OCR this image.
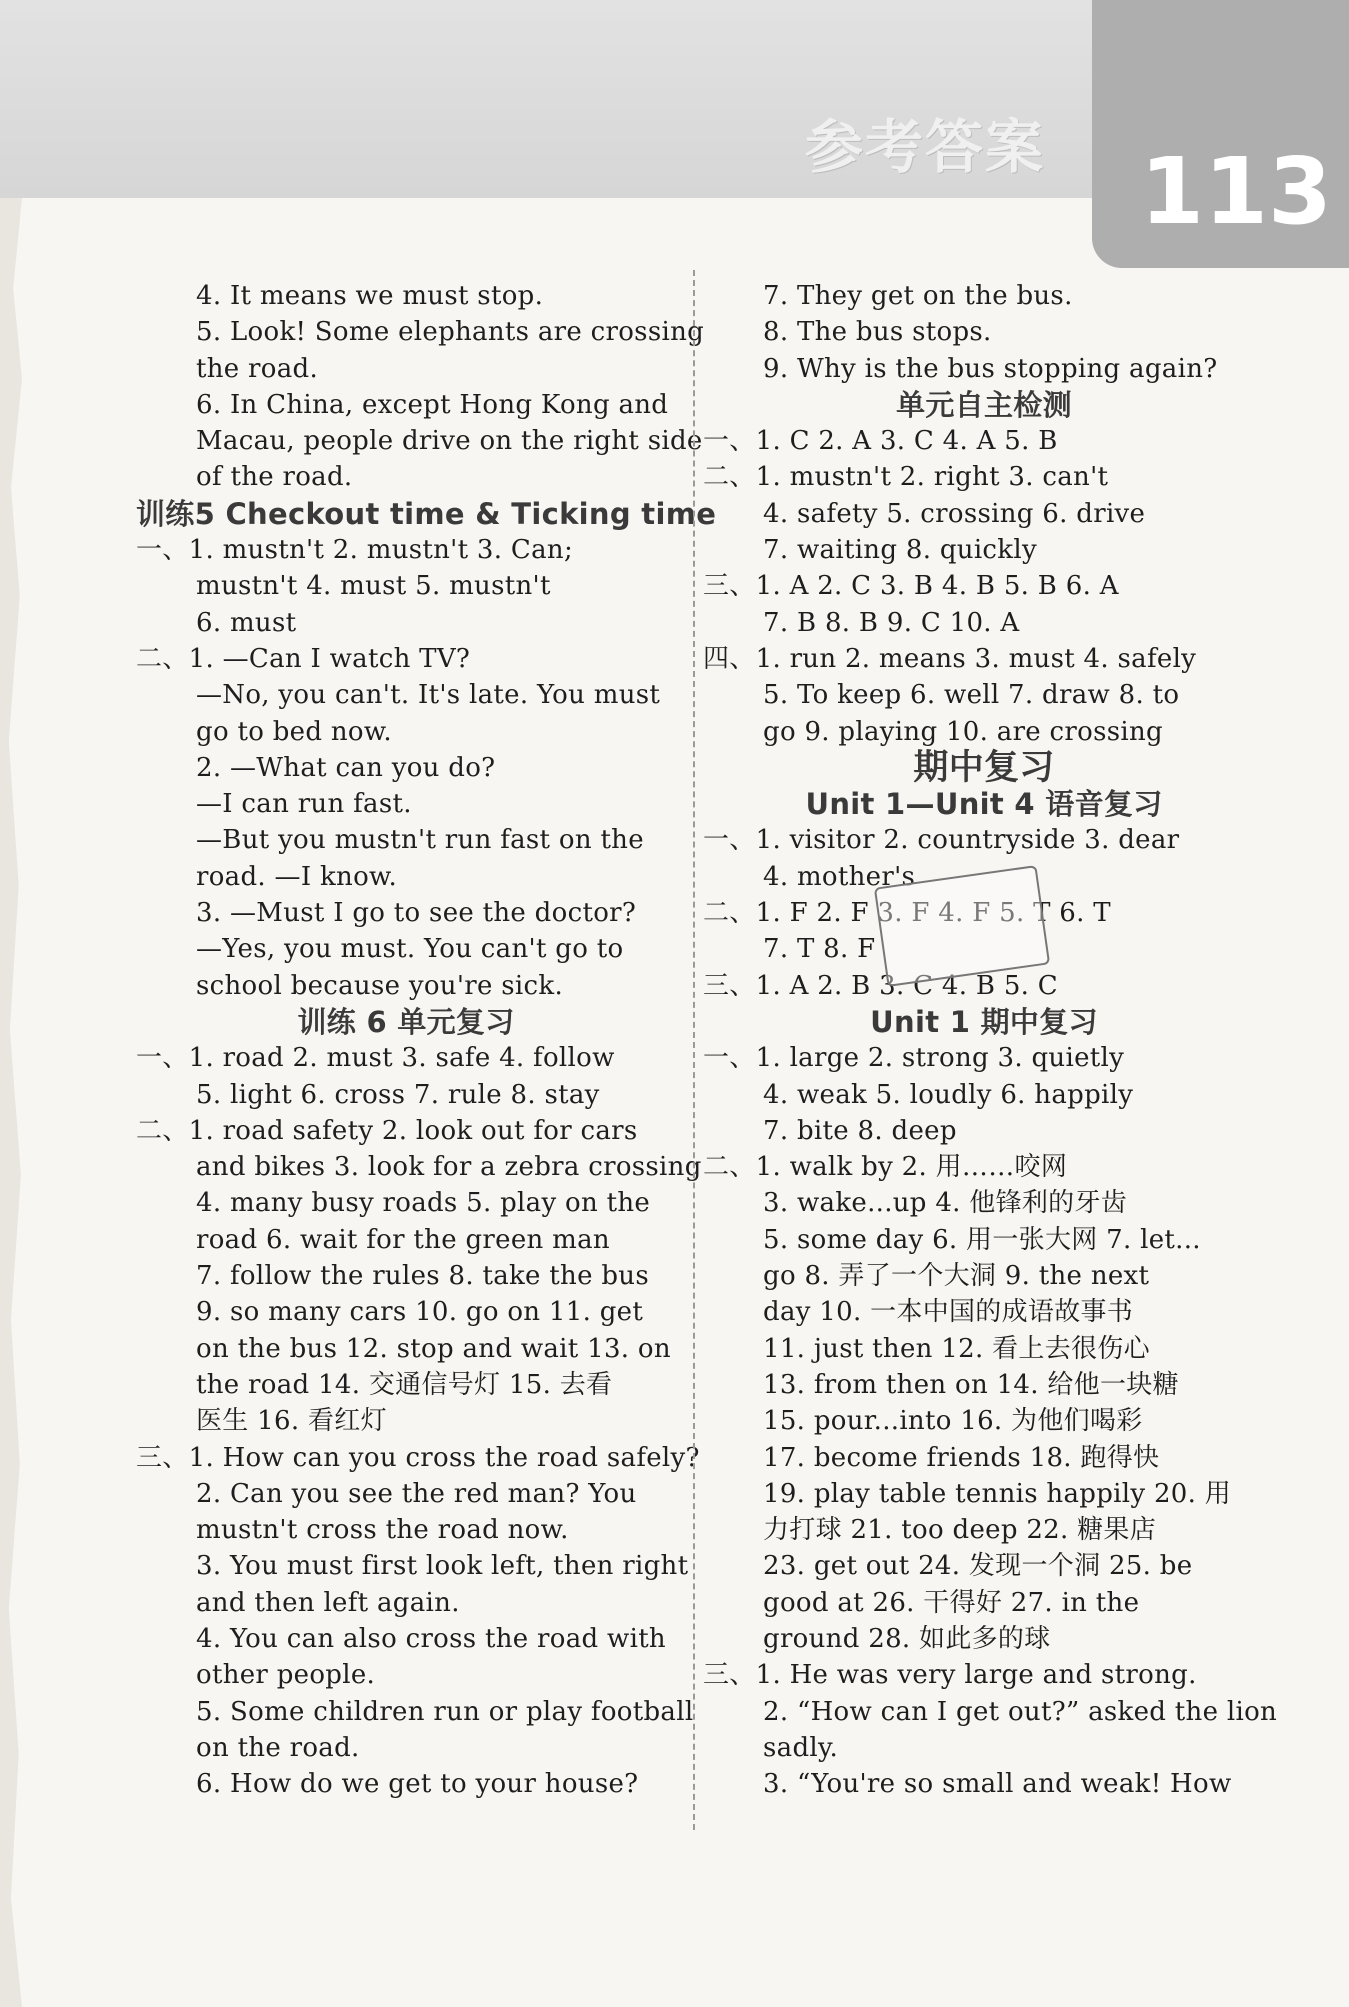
参考答案 113
4. It means we must stop.
5. Look! Some elephants are crossing
the road.
6. In China, except Hong Kong and
Macau, people drive on the right side
of the road.
训练5 Checkout time & Ticking time
一、1. mustn't 2. mustn't 3. Can;
mustn't 4. must 5. mustn't
6. must
二、1. —Can I watch TV?
—No, you can't. It's late. You must
go to bed now.
2. —What can you do?
—I can run fast.
—But you mustn't run fast on the
road. —I know.
3. —Must I go to see the doctor?
—Yes, you must. You can't go to
school because you're sick.
训练 6 单元复习
一、1. road 2. must 3. safe 4. follow
5. light 6. cross 7. rule 8. stay
二、1. road safety 2. look out for cars
and bikes 3. look for a zebra crossing
4. many busy roads 5. play on the
road 6. wait for the green man
7. follow the rules 8. take the bus
9. so many cars 10. go on 11. get
on the bus 12. stop and wait 13. on
the road 14. 交通信号灯 15. 去看
医生 16. 看红灯
三、1. How can you cross the road safely?
2. Can you see the red man? You
mustn't cross the road now.
3. You must first look left, then right
and then left again.
4. You can also cross the road with
other people.
5. Some children run or play football
on the road.
6. How do we get to your house?
7. They get on the bus.
8. The bus stops.
9. Why is the bus stopping again?
单元自主检测
一、1. C 2. A 3. C 4. A 5. B
二、1. mustn't 2. right 3. can't
4. safety 5. crossing 6. drive
7. waiting 8. quickly
三、1. A 2. C 3. B 4. B 5. B 6. A
7. B 8. B 9. C 10. A
四、1. run 2. means 3. must 4. safely
5. To keep 6. well 7. draw 8. to
go 9. playing 10. are crossing
期中复习
Unit 1—Unit 4 语音复习
一、1. visitor 2. countryside 3. dear
4. mother's
二、1. F 2. F 3. F 4. F 5. T 6. T
7. T 8. F
三、1. A 2. B 3. C 4. B 5. C
Unit 1 期中复习
一、1. large 2. strong 3. quietly
4. weak 5. loudly 6. happily
7. bite 8. deep
二、1. walk by 2. 用……咬网
3. wake...up 4. 他锋利的牙齿
5. some day 6. 用一张大网 7. let...
go 8. 弄了一个大洞 9. the next
day 10. 一本中国的成语故事书
11. just then 12. 看上去很伤心
13. from then on 14. 给他一块糖
15. pour...into 16. 为他们喝彩
17. become friends 18. 跑得快
19. play table tennis happily 20. 用
力打球 21. too deep 22. 糖果店
23. get out 24. 发现一个洞 25. be
good at 26. 干得好 27. in the
ground 28. 如此多的球
三、1. He was very large and strong.
2. “How can I get out?” asked the lion
sadly.
3. “You're so small and weak! How
